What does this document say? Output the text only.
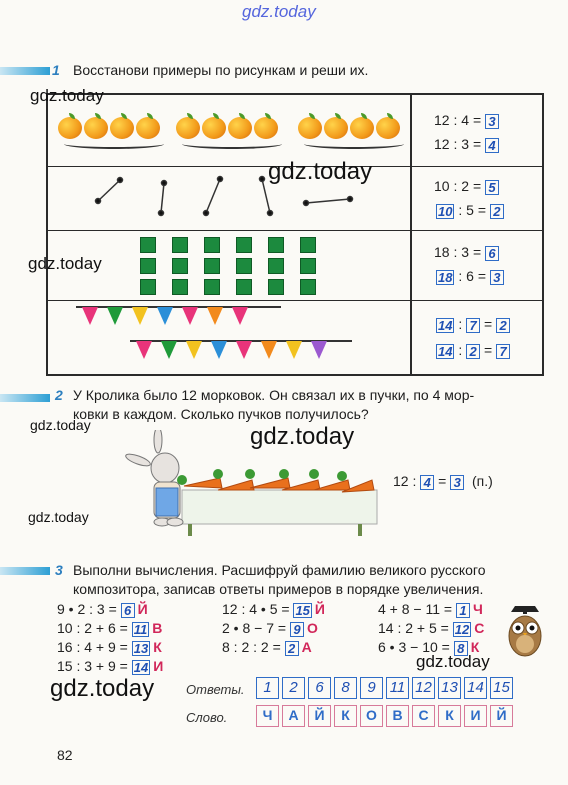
gdz.today
1 Восстанови примеры по рисункам и реши их.
12 : 4 = 3
12 : 3 = 4
10 : 2 = 5
10 : 5 = 2
18 : 3 = 6
18 : 6 = 3
14 : 7 = 2
14 : 2 = 7
gdz.today
gdz.today
gdz.today
2 У Кролика было 12 морковок. Он связал их в пучки, по 4 мор-
ковки в каждом. Сколько пучков получилось?
gdz.today	gdz.today
12 : 4 = 3 (п.)
gdz.today
3 Выполни вычисления. Расшифруй фамилию великого русского
композитора, записав ответы примеров в порядке увеличения.
9 • 2 : 3 = 6 Й
10 : 2 + 6 = 11 В
16 : 4 + 9 = 13 К
15 : 3 + 9 = 14 И
12 : 4 • 5 = 15 Й
2 • 8 − 7 = 9 О
8 : 2 : 2 = 2 А
4 + 8 − 11 = 1 Ч
14 : 2 + 5 = 12 С
6 • 3 − 10 = 8 К
gdz.today
gdz.today Ответы.	1	2	6	8	9 11 12 13 14 15
Слово.	Ч	А	Й	К	О	В	С	К	И	Й
82
